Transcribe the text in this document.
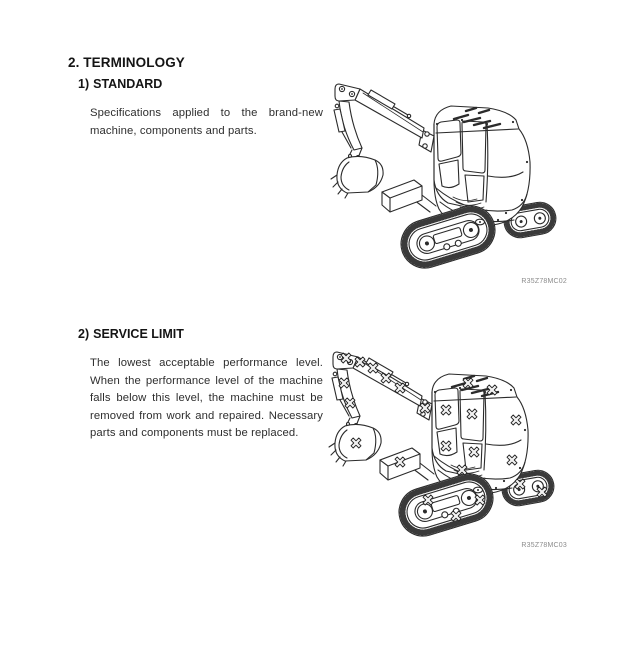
2. TERMINOLOGY
1) STANDARD

Specifications applied to the brand-new machine, components and parts.

R35Z78MC02
2) SERVICE LIMIT

The lowest acceptable performance level. When the performance level of the machine falls below this level, the machine must be removed from work and repaired. Necessary parts and components must be replaced.

R35Z78MC03
